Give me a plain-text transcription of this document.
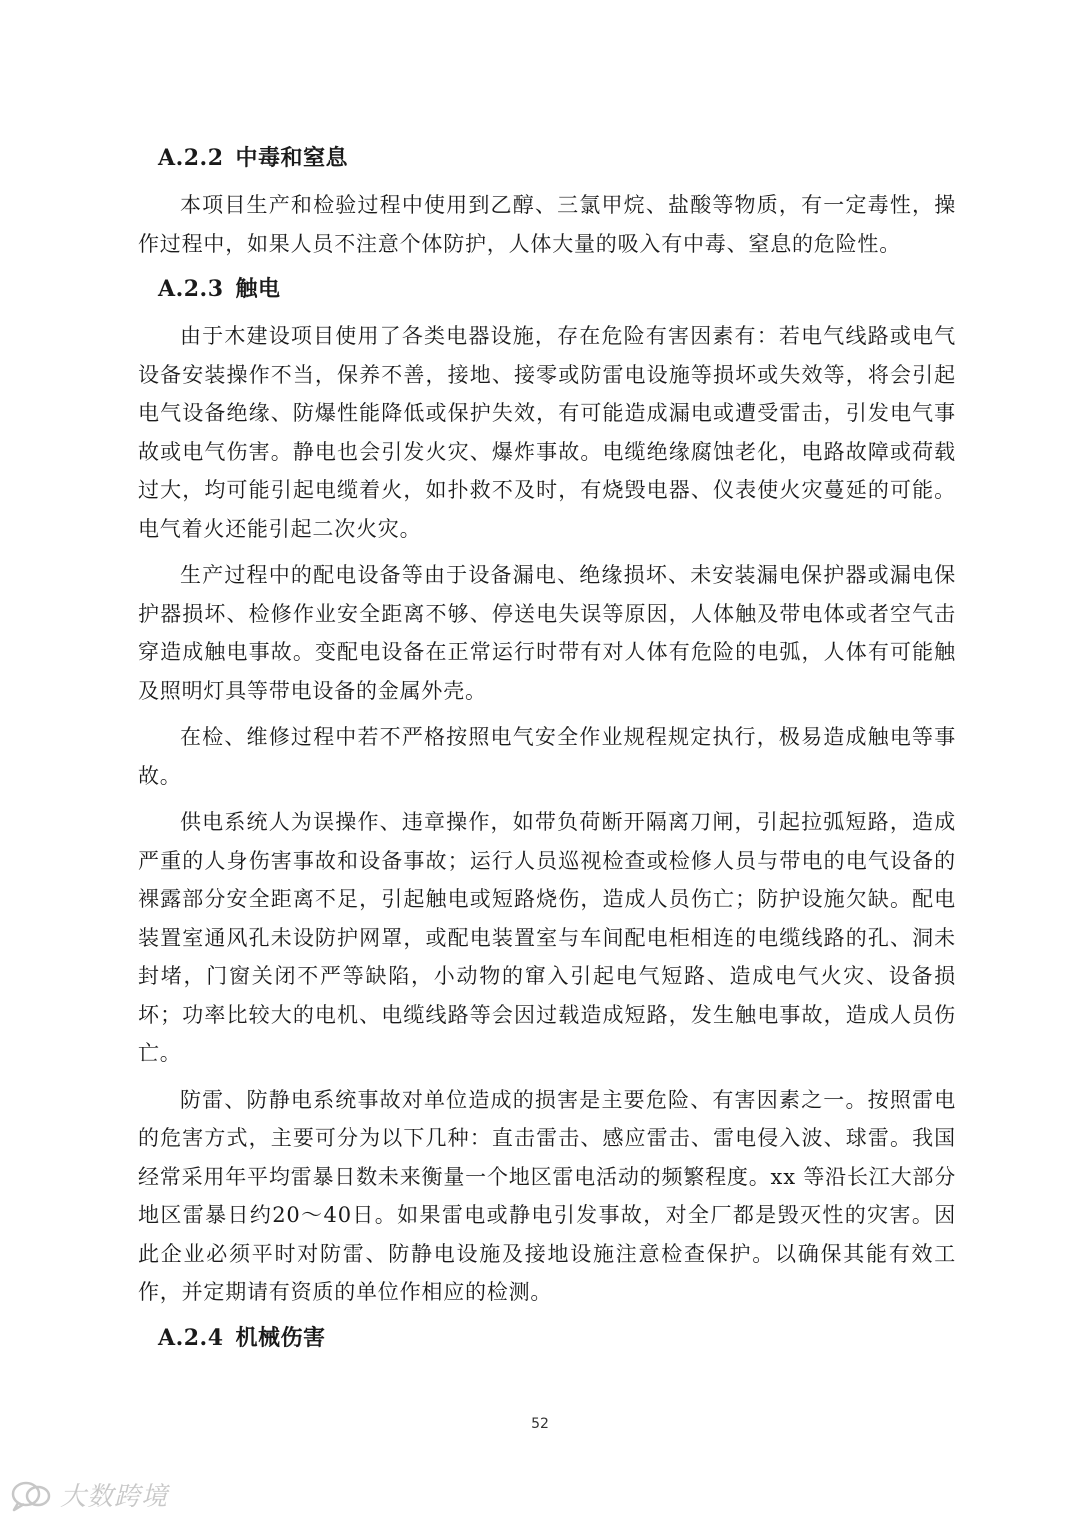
A.2.2 中毒和窒息

本项目生产和检验过程中使用到乙醇、三氯甲烷、盐酸等物质，有一定毒性，操作过程中，如果人员不注意个体防护，人体大量的吸入有中毒、窒息的危险性。

A.2.3 触电

由于木建设项目使用了各类电器设施，存在危险有害因素有：若电气线路或电气设备安装操作不当，保养不善，接地、接零或防雷电设施等损坏或失效等，将会引起电气设备绝缘、防爆性能降低或保护失效，有可能造成漏电或遭受雷击，引发电气事故或电气伤害。静电也会引发火灾、爆炸事故。电缆绝缘腐蚀老化，电路故障或荷载过大，均可能引起电缆着火，如扑救不及时，有烧毁电器、仪表使火灾蔓延的可能。电气着火还能引起二次火灾。

生产过程中的配电设备等由于设备漏电、绝缘损坏、未安装漏电保护器或漏电保护器损坏、检修作业安全距离不够、停送电失误等原因，人体触及带电体或者空气击穿造成触电事故。变配电设备在正常运行时带有对人体有危险的电弧，人体有可能触及照明灯具等带电设备的金属外壳。

在检、维修过程中若不严格按照电气安全作业规程规定执行，极易造成触电等事故。

供电系统人为误操作、违章操作，如带负荷断开隔离刀闸，引起拉弧短路，造成严重的人身伤害事故和设备事故；运行人员巡视检查或检修人员与带电的电气设备的裸露部分安全距离不足，引起触电或短路烧伤，造成人员伤亡；防护设施欠缺。配电装置室通风孔未设防护网罩，或配电装置室与车间配电柜相连的电缆线路的孔、洞未封堵，门窗关闭不严等缺陷，小动物的窜入引起电气短路、造成电气火灾、设备损坏；功率比较大的电机、电缆线路等会因过载造成短路，发生触电事故，造成人员伤亡。

防雷、防静电系统事故对单位造成的损害是主要危险、有害因素之一。按照雷电的危害方式，主要可分为以下几种：直击雷击、感应雷击、雷电侵入波、球雷。我国经常采用年平均雷暴日数未来衡量一个地区雷电活动的频繁程度。xx 等沿长江大部分地区雷暴日约20～40日。如果雷电或静电引发事故，对全厂都是毁灭性的灾害。因此企业必须平时对防雷、防静电设施及接地设施注意检查保护。以确保其能有效工作，并定期请有资质的单位作相应的检测。

A.2.4 机械伤害
52
大数跨境
